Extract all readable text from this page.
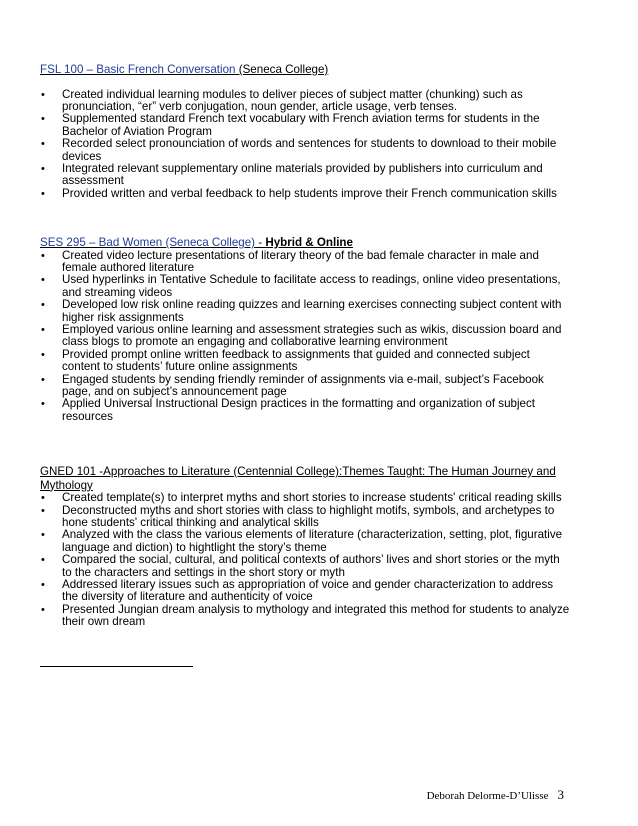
FSL 100 – Basic French Conversation (Seneca College)

• Created individual learning modules to deliver pieces of subject matter (chunking) such as pronunciation, “er” verb conjugation, noun gender, article usage, verb tenses.
• Supplemented standard French text vocabulary with French aviation terms for students in the Bachelor of Aviation Program
• Recorded select pronounciation of words and sentences for students to download to their mobile devices
• Integrated relevant supplementary online materials provided by publishers into curriculum and assessment
• Provided written and verbal feedback to help students improve their French communication skills

SES 295 – Bad Women (Seneca College) - Hybrid & Online

• Created video lecture presentations of literary theory of the bad female character in male and female authored literature
• Used hyperlinks in Tentative Schedule to facilitate access to readings, online video presentations, and streaming videos
• Developed low risk online reading quizzes and learning exercises connecting subject content with higher risk assignments
• Employed various online learning and assessment strategies such as wikis, discussion board and class blogs to promote an engaging and collaborative learning environment
• Provided prompt online written feedback to assignments that guided and connected subject content to students’ future online assignments
• Engaged students by sending friendly reminder of assignments via e-mail, subject’s Facebook page, and on subject’s announcement page
• Applied Universal Instructional Design practices in the formatting and organization of subject resources

GNED 101 -Approaches to Literature (Centennial College):Themes Taught: The Human Journey and Mythology

• Created template(s) to interpret myths and short stories to increase students' critical reading skills
• Deconstructed myths and short stories with class to highlight motifs, symbols, and archetypes to hone students' critical thinking and analytical skills
• Analyzed with the class the various elements of literature (characterization, setting, plot, figurative language and diction) to hightlight the story’s theme
• Compared the social, cultural, and political contexts of authors’ lives and short stories or the myth to the characters and settings in the short story or myth
• Addressed literary issues such as appropriation of voice and gender characterization to address the diversity of literature and authenticity of voice
• Presented Jungian dream analysis to mythology and integrated this method for students to analyze their own dream
Deborah Delorme-D’Ulisse 3
